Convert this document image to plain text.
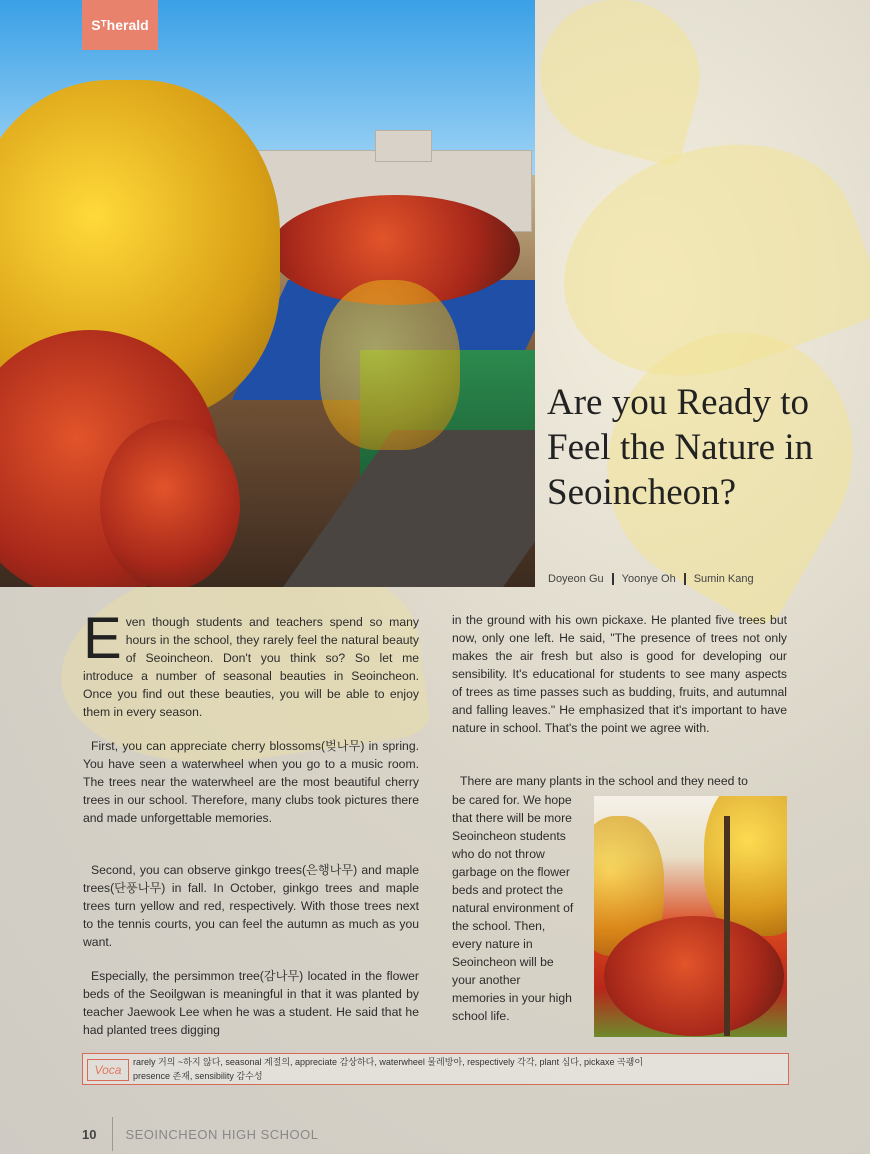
Sᵀherald
Are you Ready to Feel the Nature in Seoincheon?
Doyeon Gu Yoonye Oh Sumin Kang

Even though students and teachers spend so many hours in the school, they rarely feel the natural beauty of Seoincheon. Don't you think so? So let me introduce a number of seasonal beauties in Seoincheon. Once you find out these beauties, you will be able to enjoy them in every season.

First, you can appreciate cherry blossoms(벚나무) in spring. You have seen a waterwheel when you go to a music room. The trees near the waterwheel are the most beautiful cherry trees in our school. Therefore, many clubs took pictures there and made unforgettable memories.

Second, you can observe ginkgo trees(은행나무) and maple trees(단풍나무) in fall. In October, ginkgo trees and maple trees turn yellow and red, respectively. With those trees next to the tennis courts, you can feel the autumn as much as you want.

Especially, the persimmon tree(감나무) located in the flower beds of the Seoilgwan is meaningful in that it was planted by teacher Jaewook Lee when he was a student. He said that he had planted trees digging

in the ground with his own pickaxe. He planted five trees but now, only one left. He said, "The presence of trees not only makes the air fresh but also is good for developing our sensibility. It's educational for students to see many aspects of trees as time passes such as budding, fruits, and autumnal and falling leaves." He emphasized that it's important to have nature in school. That's the point we agree with.

There are many plants in the school and they need to

be cared for. We hope that there will be more Seoincheon students who do not throw garbage on the flower beds and protect the natural environment of the school. Then, every nature in Seoincheon will be your another memories in your high school life.

Voca
rarely 거의 ~하지 않다, seasonal 계절의, appreciate 감상하다, waterwheel 물레방아, respectively 각각, plant 심다, pickaxe 곡괭이
presence 존재, sensibility 감수성
10 SEOINCHEON HIGH SCHOOL
